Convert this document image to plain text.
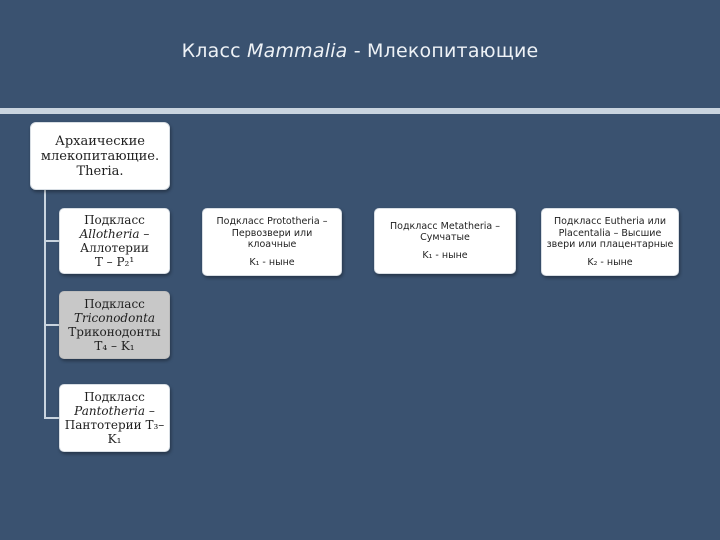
Класс Mammalia - Млекопитающие
Архаические
млекопитающие.
Theria.
Подкласс
Allotheria –
Аллотерии
T – P₂¹
Подкласс
Triconodonta
Триконодонты
T₄ – K₁
Подкласс
Pantotheria –
Пантотерии T₃–
K₁
Подкласс Prototheria –
Первозвери или
клоачные
K₁ - ныне
Подкласс Metatheria –
Сумчатые
K₁ - ныне
Подкласс Eutheria или
Placentalia – Высшие
звери или плацентарные
K₂ - ныне
